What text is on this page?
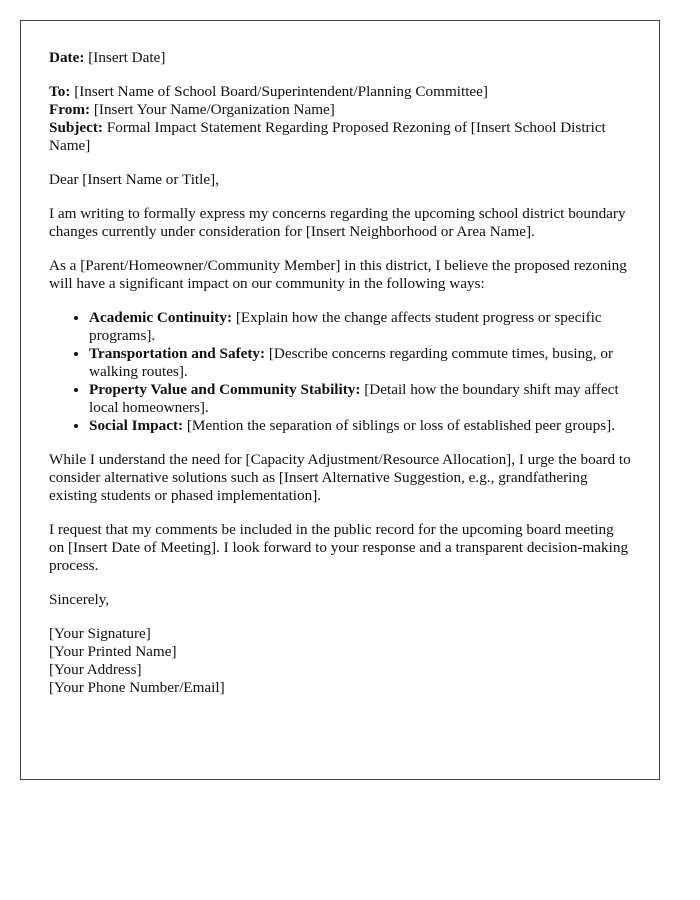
Date: [Insert Date]

To: [Insert Name of School Board/Superintendent/Planning Committee]
From: [Insert Your Name/Organization Name]
Subject: Formal Impact Statement Regarding Proposed Rezoning of [Insert School District Name]

Dear [Insert Name or Title],

I am writing to formally express my concerns regarding the upcoming school district boundary changes currently under consideration for [Insert Neighborhood or Area Name].

As a [Parent/Homeowner/Community Member] in this district, I believe the proposed rezoning will have a significant impact on our community in the following ways:

• Academic Continuity: [Explain how the change affects student progress or specific programs].
• Transportation and Safety: [Describe concerns regarding commute times, busing, or walking routes].
• Property Value and Community Stability: [Detail how the boundary shift may affect local homeowners].
• Social Impact: [Mention the separation of siblings or loss of established peer groups].

While I understand the need for [Capacity Adjustment/Resource Allocation], I urge the board to consider alternative solutions such as [Insert Alternative Suggestion, e.g., grandfathering existing students or phased implementation].

I request that my comments be included in the public record for the upcoming board meeting on [Insert Date of Meeting]. I look forward to your response and a transparent decision-making process.

Sincerely,

[Your Signature]
[Your Printed Name]
[Your Address]
[Your Phone Number/Email]
